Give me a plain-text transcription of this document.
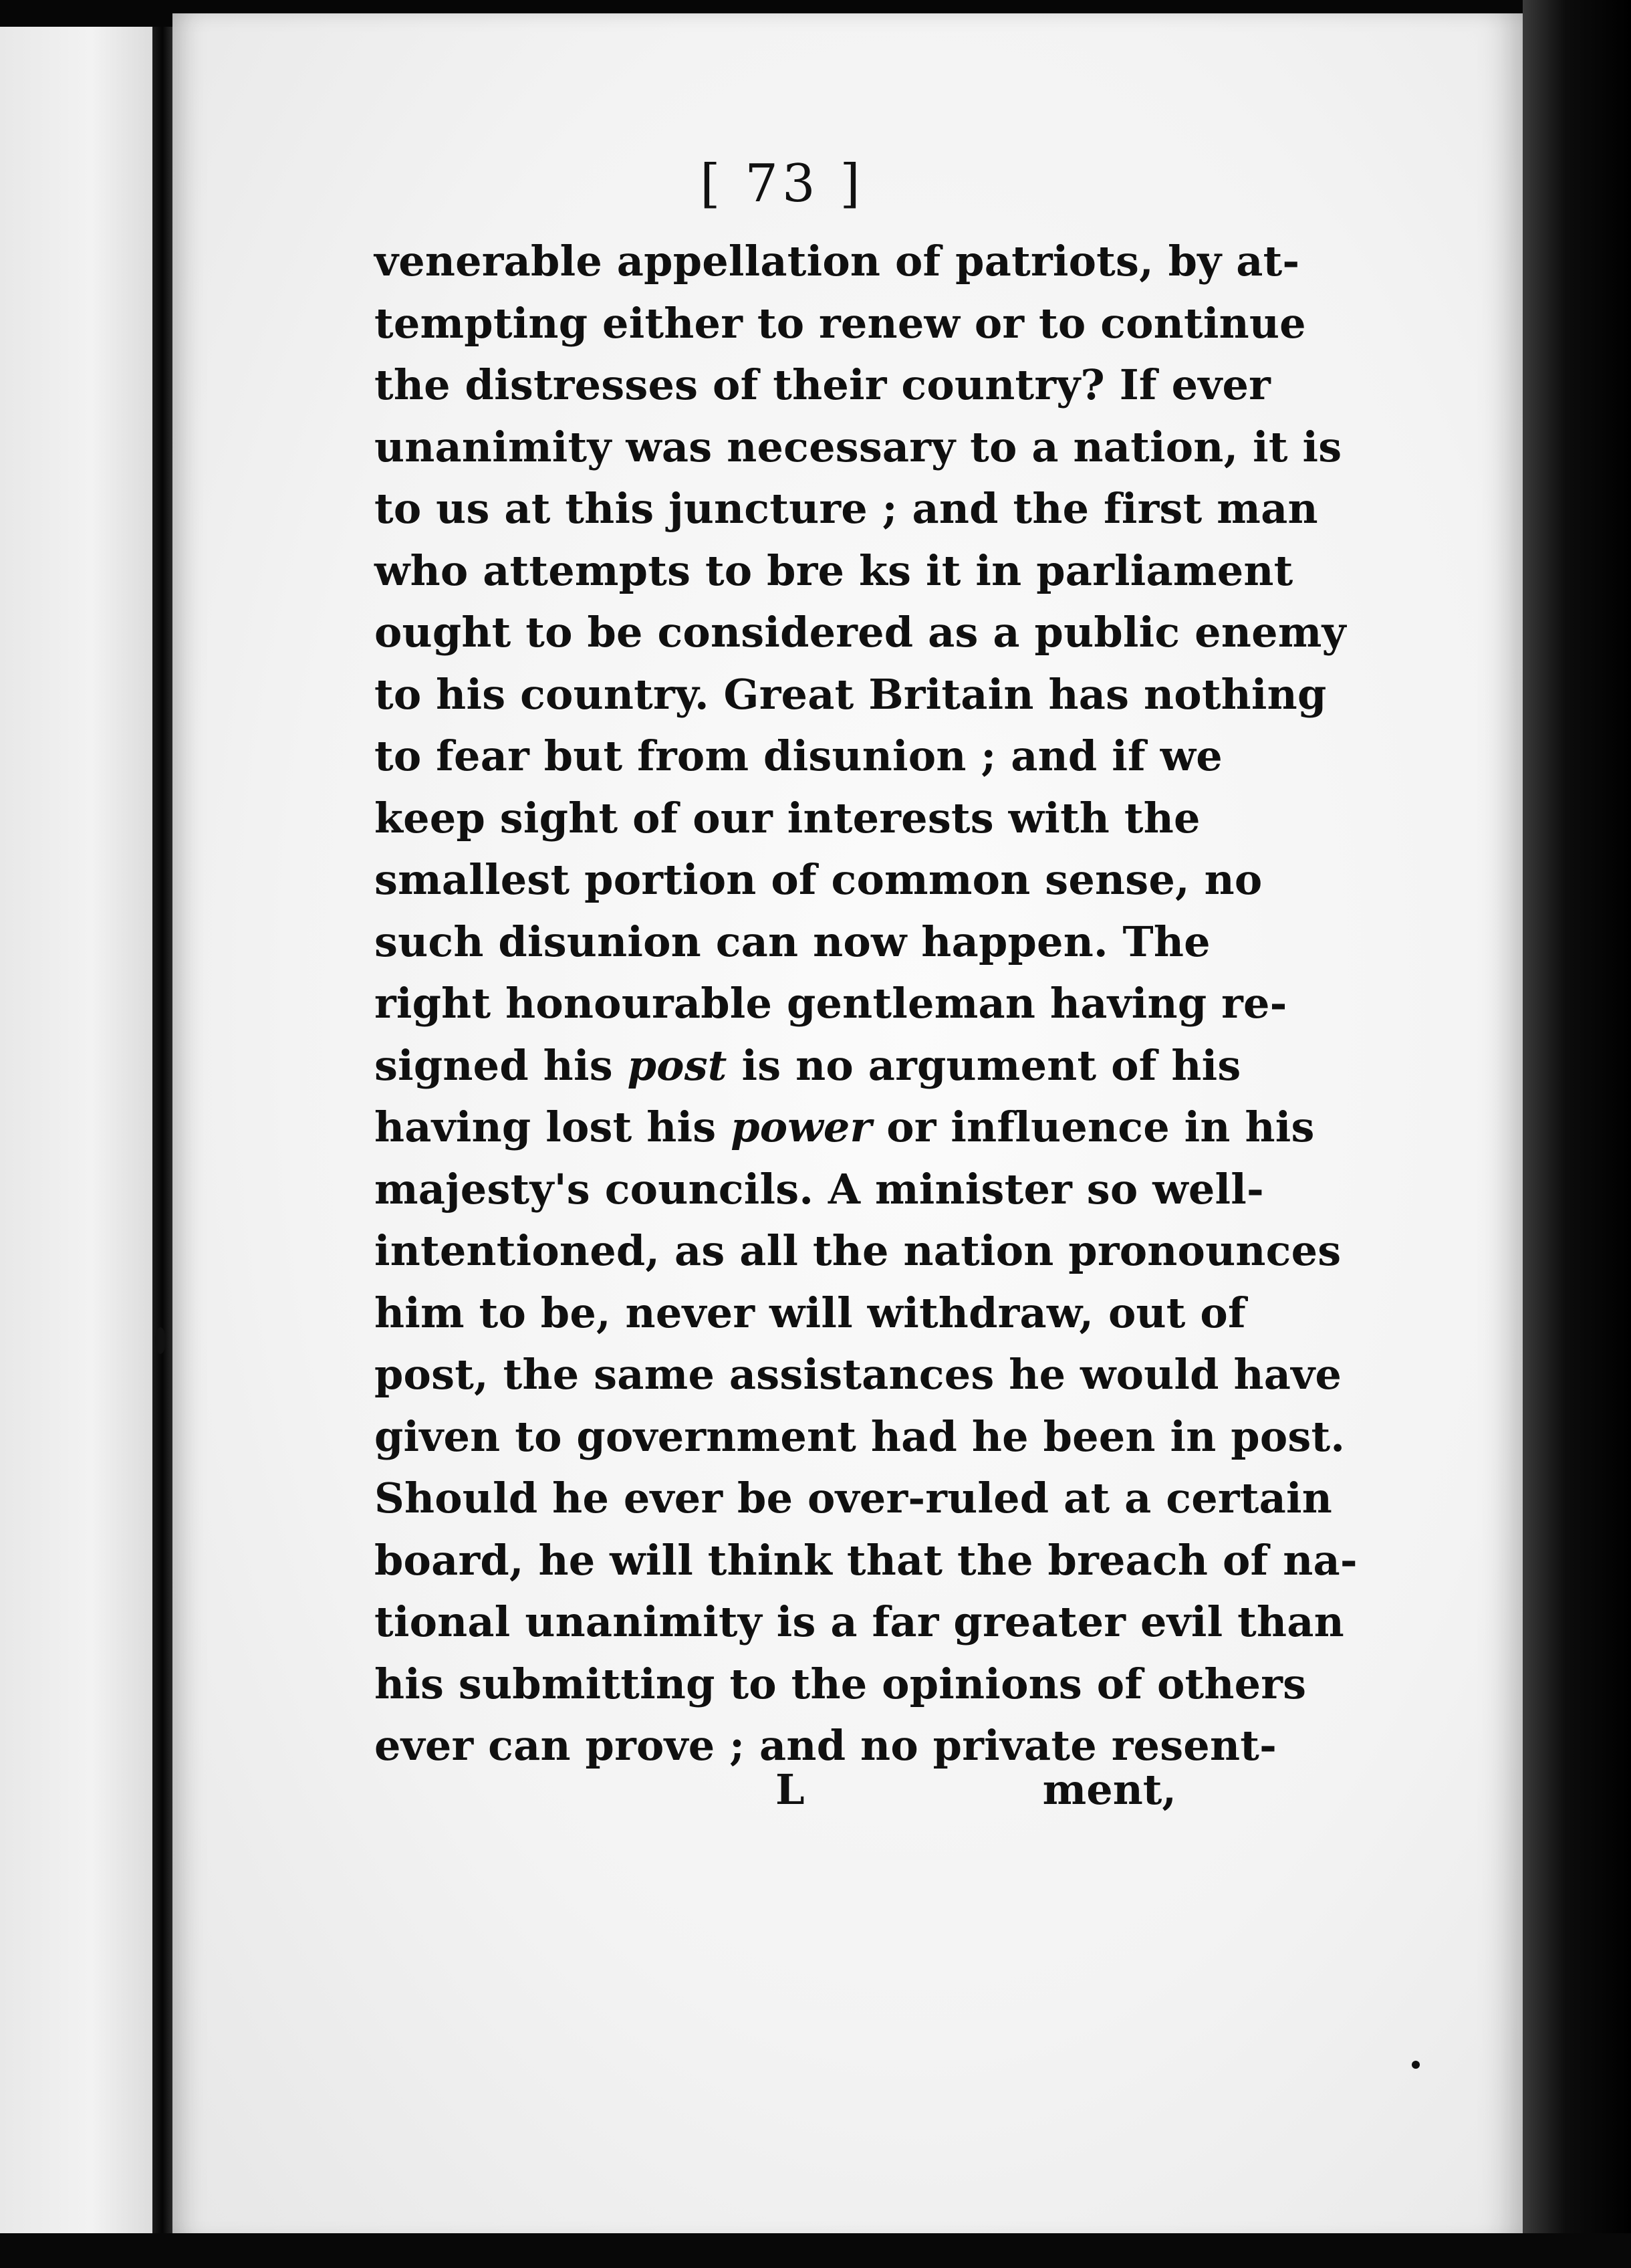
[ 73 ]
venerable appellation of patriots, by at-
tempting either to renew or to continue
the distresses of their country? If ever
unanimity was necessary to a nation, it is
to us at this juncture ; and the first man
who attempts to bre ks it in parliament
ought to be considered as a public enemy
to his country. Great Britain has nothing
to fear but from disunion ; and if we
keep sight of our interests with the
smallest portion of common sense, no
such disunion can now happen. The
right honourable gentleman having re-
signed his post is no argument of his
having lost his power or influence in his
majesty's councils. A minister so well-
intentioned, as all the nation pronounces
him to be, never will withdraw, out of
post, the same assistances he would have
given to government had he been in post.
Should he ever be over-ruled at a certain
board, he will think that the breach of na-
tional unanimity is a far greater evil than
his submitting to the opinions of others
ever can prove ; and no private resent-
L	ment,
